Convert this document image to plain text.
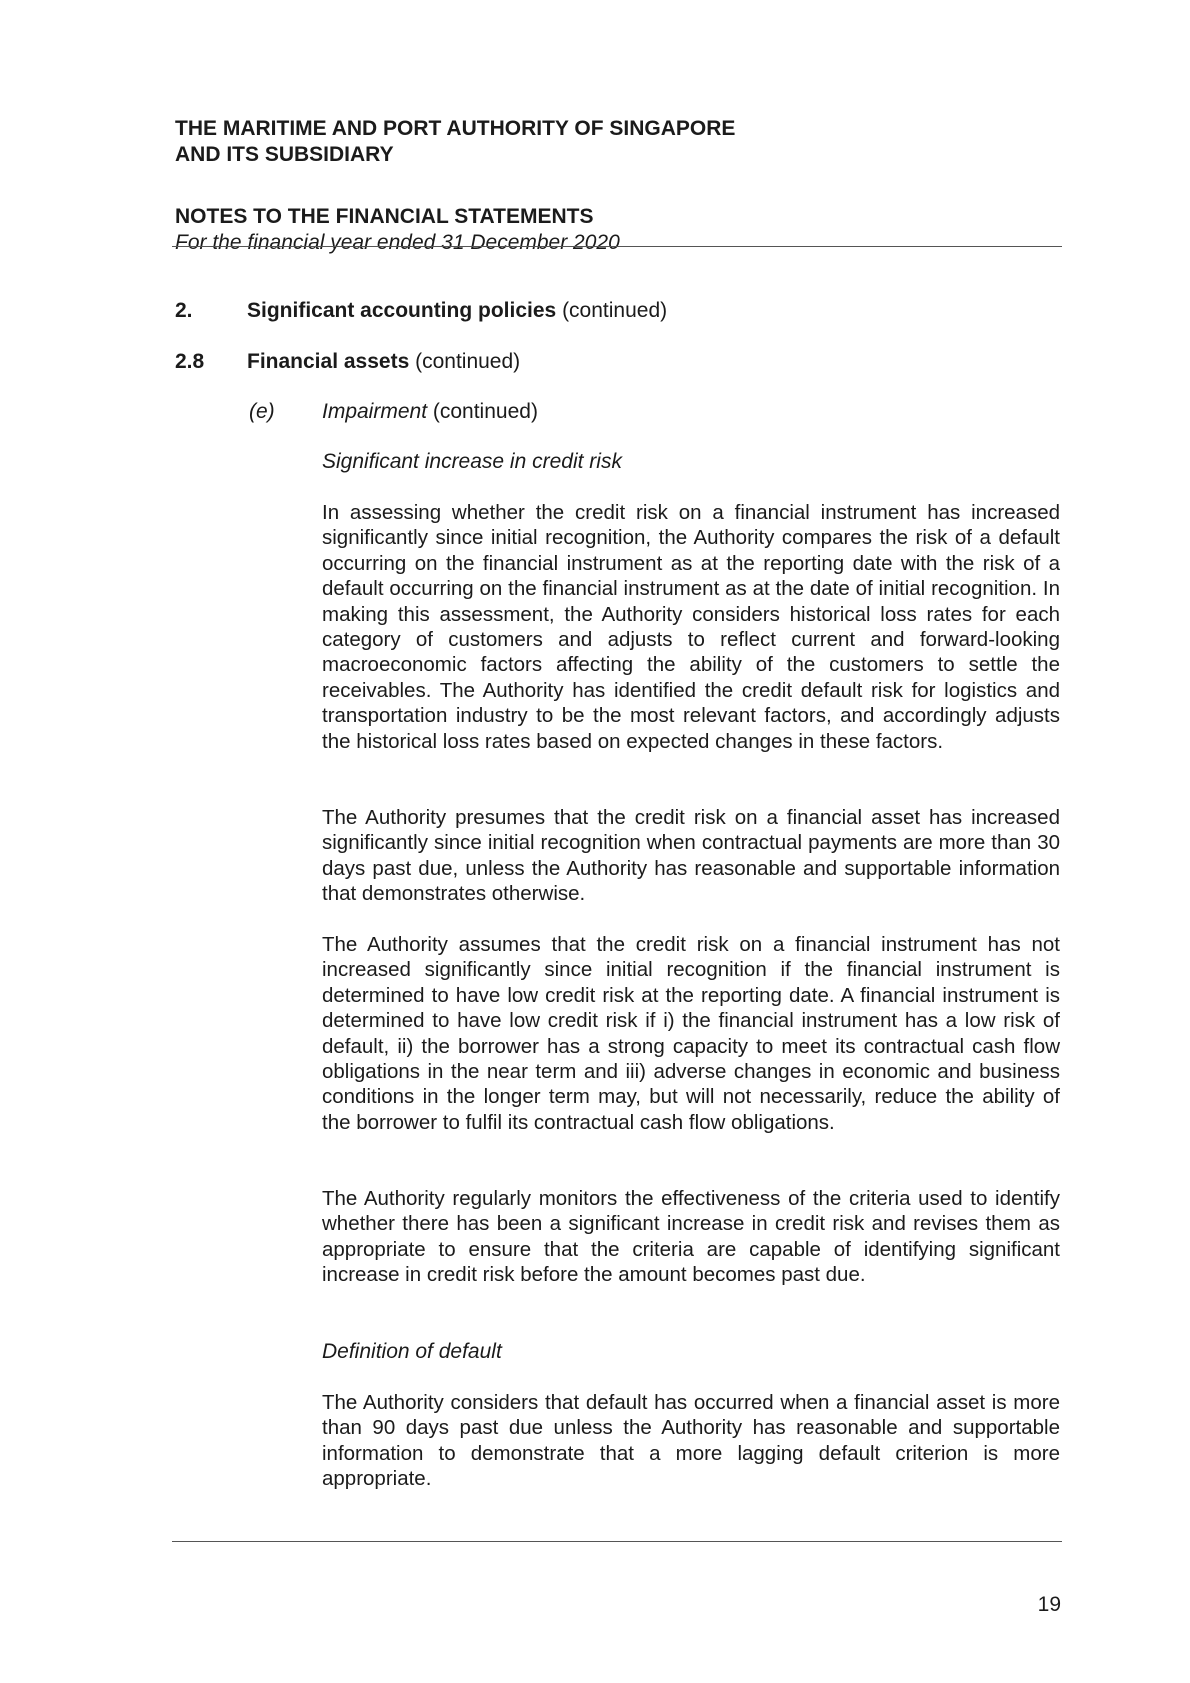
THE MARITIME AND PORT AUTHORITY OF SINGAPORE
AND ITS SUBSIDIARY
NOTES TO THE FINANCIAL STATEMENTS
For the financial year ended 31 December 2020
2.	Significant accounting policies (continued)
2.8 Financial assets (continued)
(e) Impairment (continued)
Significant increase in credit risk
In assessing whether the credit risk on a financial instrument has increased significantly since initial recognition, the Authority compares the risk of a default occurring on the financial instrument as at the reporting date with the risk of a default occurring on the financial instrument as at the date of initial recognition. In making this assessment, the Authority considers historical loss rates for each category of customers and adjusts to reflect current and forward-looking macroeconomic factors affecting the ability of the customers to settle the receivables. The Authority has identified the credit default risk for logistics and transportation industry to be the most relevant factors, and accordingly adjusts the historical loss rates based on expected changes in these factors.
The Authority presumes that the credit risk on a financial asset has increased significantly since initial recognition when contractual payments are more than 30 days past due, unless the Authority has reasonable and supportable information that demonstrates otherwise.
The Authority assumes that the credit risk on a financial instrument has not increased significantly since initial recognition if the financial instrument is determined to have low credit risk at the reporting date. A financial instrument is determined to have low credit risk if i) the financial instrument has a low risk of default, ii) the borrower has a strong capacity to meet its contractual cash flow obligations in the near term and iii) adverse changes in economic and business conditions in the longer term may, but will not necessarily, reduce the ability of the borrower to fulfil its contractual cash flow obligations.
The Authority regularly monitors the effectiveness of the criteria used to identify whether there has been a significant increase in credit risk and revises them as appropriate to ensure that the criteria are capable of identifying significant increase in credit risk before the amount becomes past due.
Definition of default
The Authority considers that default has occurred when a financial asset is more than 90 days past due unless the Authority has reasonable and supportable information to demonstrate that a more lagging default criterion is more appropriate.
19
